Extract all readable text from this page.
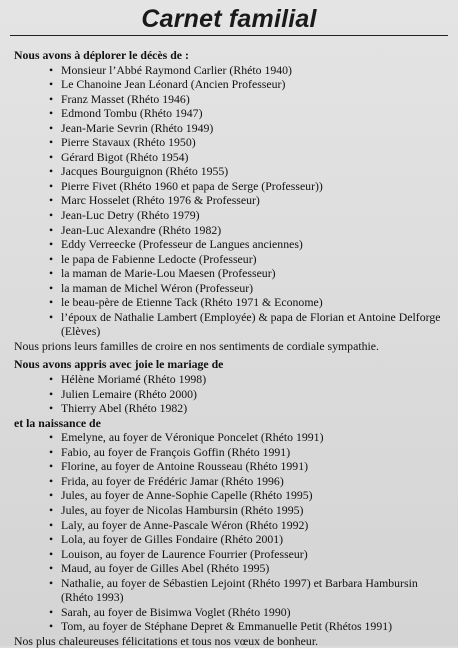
Carnet familial

Nous avons à déplorer le décès de :

• Monsieur l’Abbé Raymond Carlier (Rhéto 1940)
• Le Chanoine Jean Léonard (Ancien Professeur)
• Franz Masset (Rhéto 1946)
• Edmond Tombu (Rhéto 1947)
• Jean-Marie Sevrin (Rhéto 1949)
• Pierre Stavaux (Rhéto 1950)
• Gérard Bigot (Rhéto 1954)
• Jacques Bourguignon (Rhéto 1955)
• Pierre Fivet (Rhéto 1960 et papa de Serge (Professeur))
• Marc Hosselet (Rhéto 1976 & Professeur)
• Jean-Luc Detry (Rhéto 1979)
• Jean-Luc Alexandre (Rhéto 1982)
• Eddy Verreecke (Professeur de Langues anciennes)
• le papa de Fabienne Ledocte (Professeur)
• la maman de Marie-Lou Maesen (Professeur)
• la maman de Michel Wéron (Professeur)
• le beau-père de Etienne Tack (Rhéto 1971 & Econome)
• l’époux de Nathalie Lambert (Employée) & papa de Florian et Antoine Delforge (Elèves)

Nous prions leurs familles de croire en nos sentiments de cordiale sympathie.

Nous avons appris avec joie le mariage de

• Hélène Moriamé (Rhéto 1998)
• Julien Lemaire (Rhéto 2000)
• Thierry Abel (Rhéto 1982)

et la naissance de

• Emelyne, au foyer de Véronique Poncelet (Rhéto 1991)
• Fabio, au foyer de François Goffin (Rhéto 1991)
• Florine, au foyer de Antoine Rousseau (Rhéto 1991)
• Frida, au foyer de Frédéric Jamar (Rhéto 1996)
• Jules, au foyer de Anne-Sophie Capelle (Rhéto 1995)
• Jules, au foyer de Nicolas Hambursin (Rhéto 1995)
• Laly, au foyer de Anne-Pascale Wéron (Rhéto 1992)
• Lola, au foyer de Gilles Fondaire (Rhéto 2001)
• Louison, au foyer de Laurence Fourrier (Professeur)
• Maud, au foyer de Gilles Abel (Rhéto 1995)
• Nathalie, au foyer de Sébastien Lejoint (Rhéto 1997) et Barbara Hambursin (Rhéto 1993)
• Sarah, au foyer de Bisimwa Voglet (Rhéto 1990)
• Tom, au foyer de Stéphane Depret & Emmanuelle Petit (Rhétos 1991)

Nos plus chaleureuses félicitations et tous nos vœux de bonheur.
